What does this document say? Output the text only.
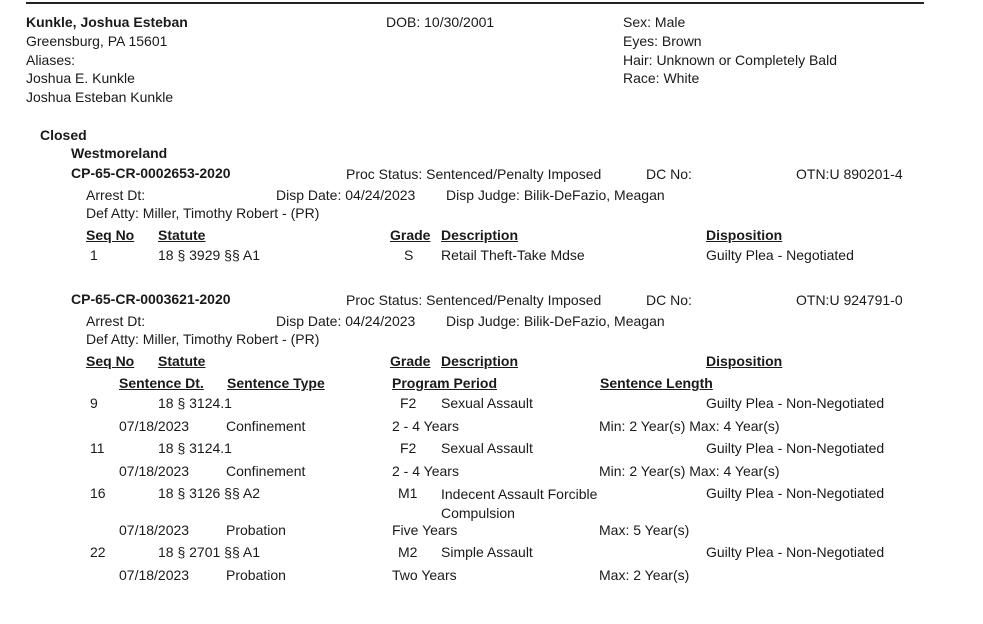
Kunkle, Joshua Esteban
Greensburg, PA 15601
Aliases:
Joshua E. Kunkle
Joshua Esteban Kunkle
DOB: 10/30/2001	Sex: Male
Eyes: Brown
Hair: Unknown or Completely Bald
Race: White
Closed
Westmoreland
CP-65-CR-0002653-2020	Proc Status: Sentenced/Penalty Imposed	DC No:	OTN:U 890201-4
Arrest Dt:	Disp Date: 04/24/2023 Disp Judge: Bilik-DeFazio, Meagan
Def Atty: Miller, Timothy Robert - (PR)
Seq No Statute	Grade Description	Disposition
1	18 § 3929 §§ A1	S Retail Theft-Take Mdse	Guilty Plea - Negotiated
CP-65-CR-0003621-2020	Proc Status: Sentenced/Penalty Imposed	DC No:	OTN:U 924791-0
Arrest Dt:	Disp Date: 04/24/2023 Disp Judge: Bilik-DeFazio, Meagan
Def Atty: Miller, Timothy Robert - (PR)
Seq No Statute	Grade Description	Disposition
Sentence Dt. Sentence Type	Program Period	Sentence Length
9	18 § 3124.1	F2 Sexual Assault	Guilty Plea - Non-Negotiated
07/18/2023	Confinement	2 - 4 Years	Min: 2 Year(s) Max: 4 Year(s)
11	18 § 3124.1	F2 Sexual Assault	Guilty Plea - Non-Negotiated
07/18/2023	Confinement	2 - 4 Years	Min: 2 Year(s) Max: 4 Year(s)
16	18 § 3126 §§ A2	M1 Indecent Assault Forcible
Compulsion
Guilty Plea - Non-Negotiated
07/18/2023	Probation	Five Years	Max: 5 Year(s)
22	18 § 2701 §§ A1	M2 Simple Assault	Guilty Plea - Non-Negotiated
07/18/2023	Probation	Two Years	Max: 2 Year(s)
